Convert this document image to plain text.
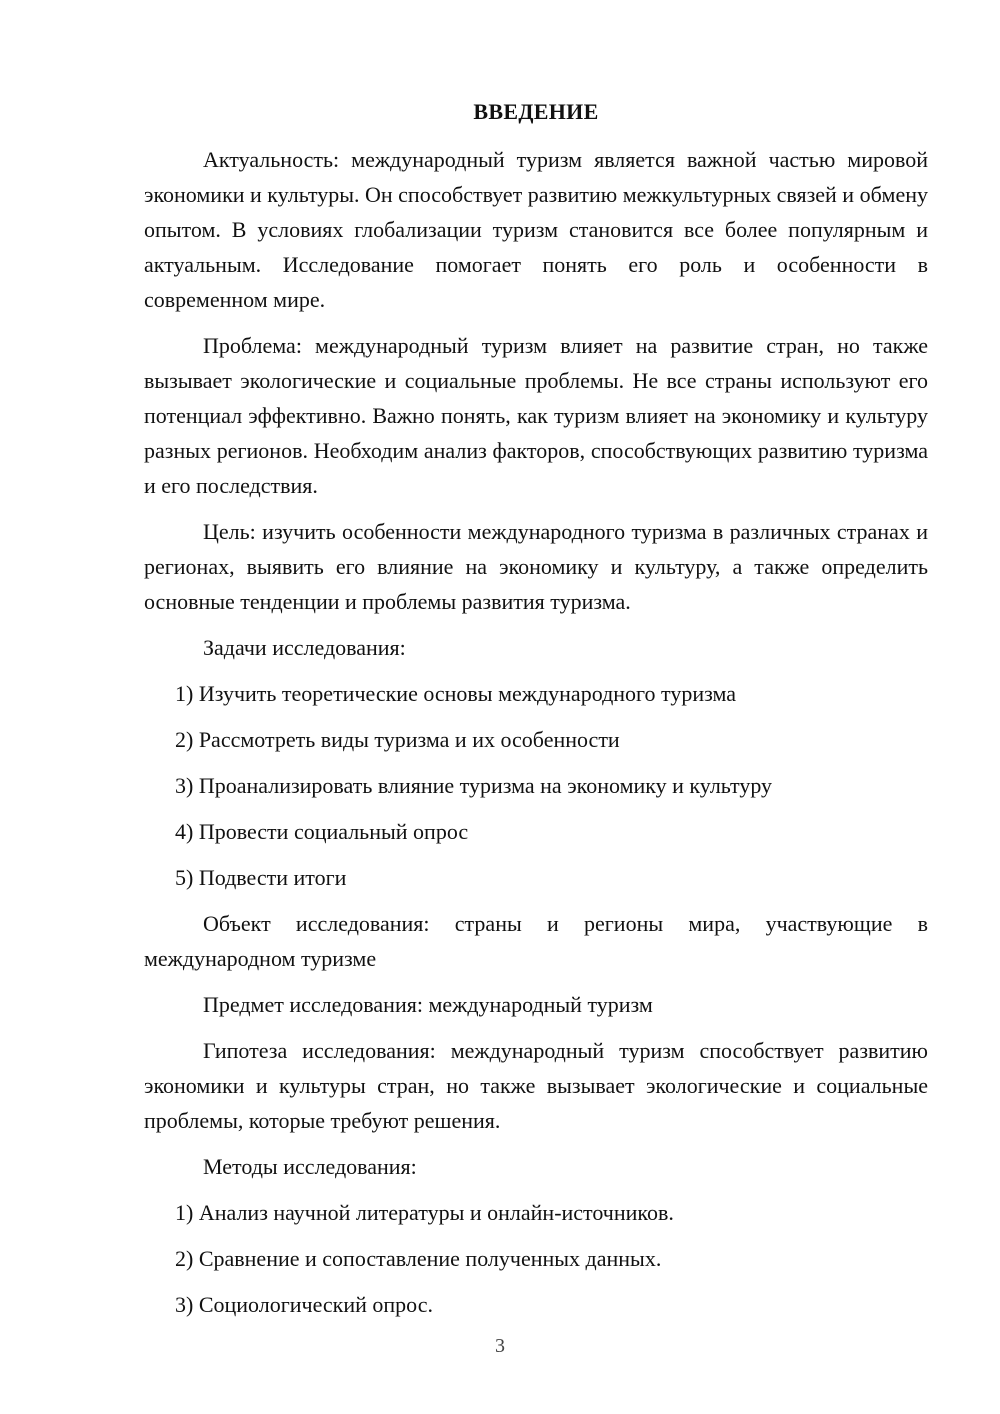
ВВЕДЕНИЕ

Актуальность: международный туризм является важной частью мировой экономики и культуры. Он способствует развитию межкультурных связей и обмену опытом. В условиях глобализации туризм становится все более популярным и актуальным. Исследование помогает понять его роль и особенности в современном мире.

Проблема: международный туризм влияет на развитие стран, но также вызывает экологические и социальные проблемы. Не все страны используют его потенциал эффективно. Важно понять, как туризм влияет на экономику и культуру разных регионов. Необходим анализ факторов, способствующих развитию туризма и его последствия.

Цель: изучить особенности международного туризма в различных странах и регионах, выявить его влияние на экономику и культуру, а также определить основные тенденции и проблемы развития туризма.

Задачи исследования:

1) Изучить теоретические основы международного туризма

2) Рассмотреть виды туризма и их особенности

3) Проанализировать влияние туризма на экономику и культуру

4) Провести социальный опрос

5) Подвести итоги

Объект исследования: страны и регионы мира, участвующие в международном туризме

Предмет исследования: международный туризм

Гипотеза исследования: международный туризм способствует развитию экономики и культуры стран, но также вызывает экологические и социальные проблемы, которые требуют решения.

Методы исследования:

1) Анализ научной литературы и онлайн-источников.

2) Сравнение и сопоставление полученных данных.

3) Социологический опрос.

3
